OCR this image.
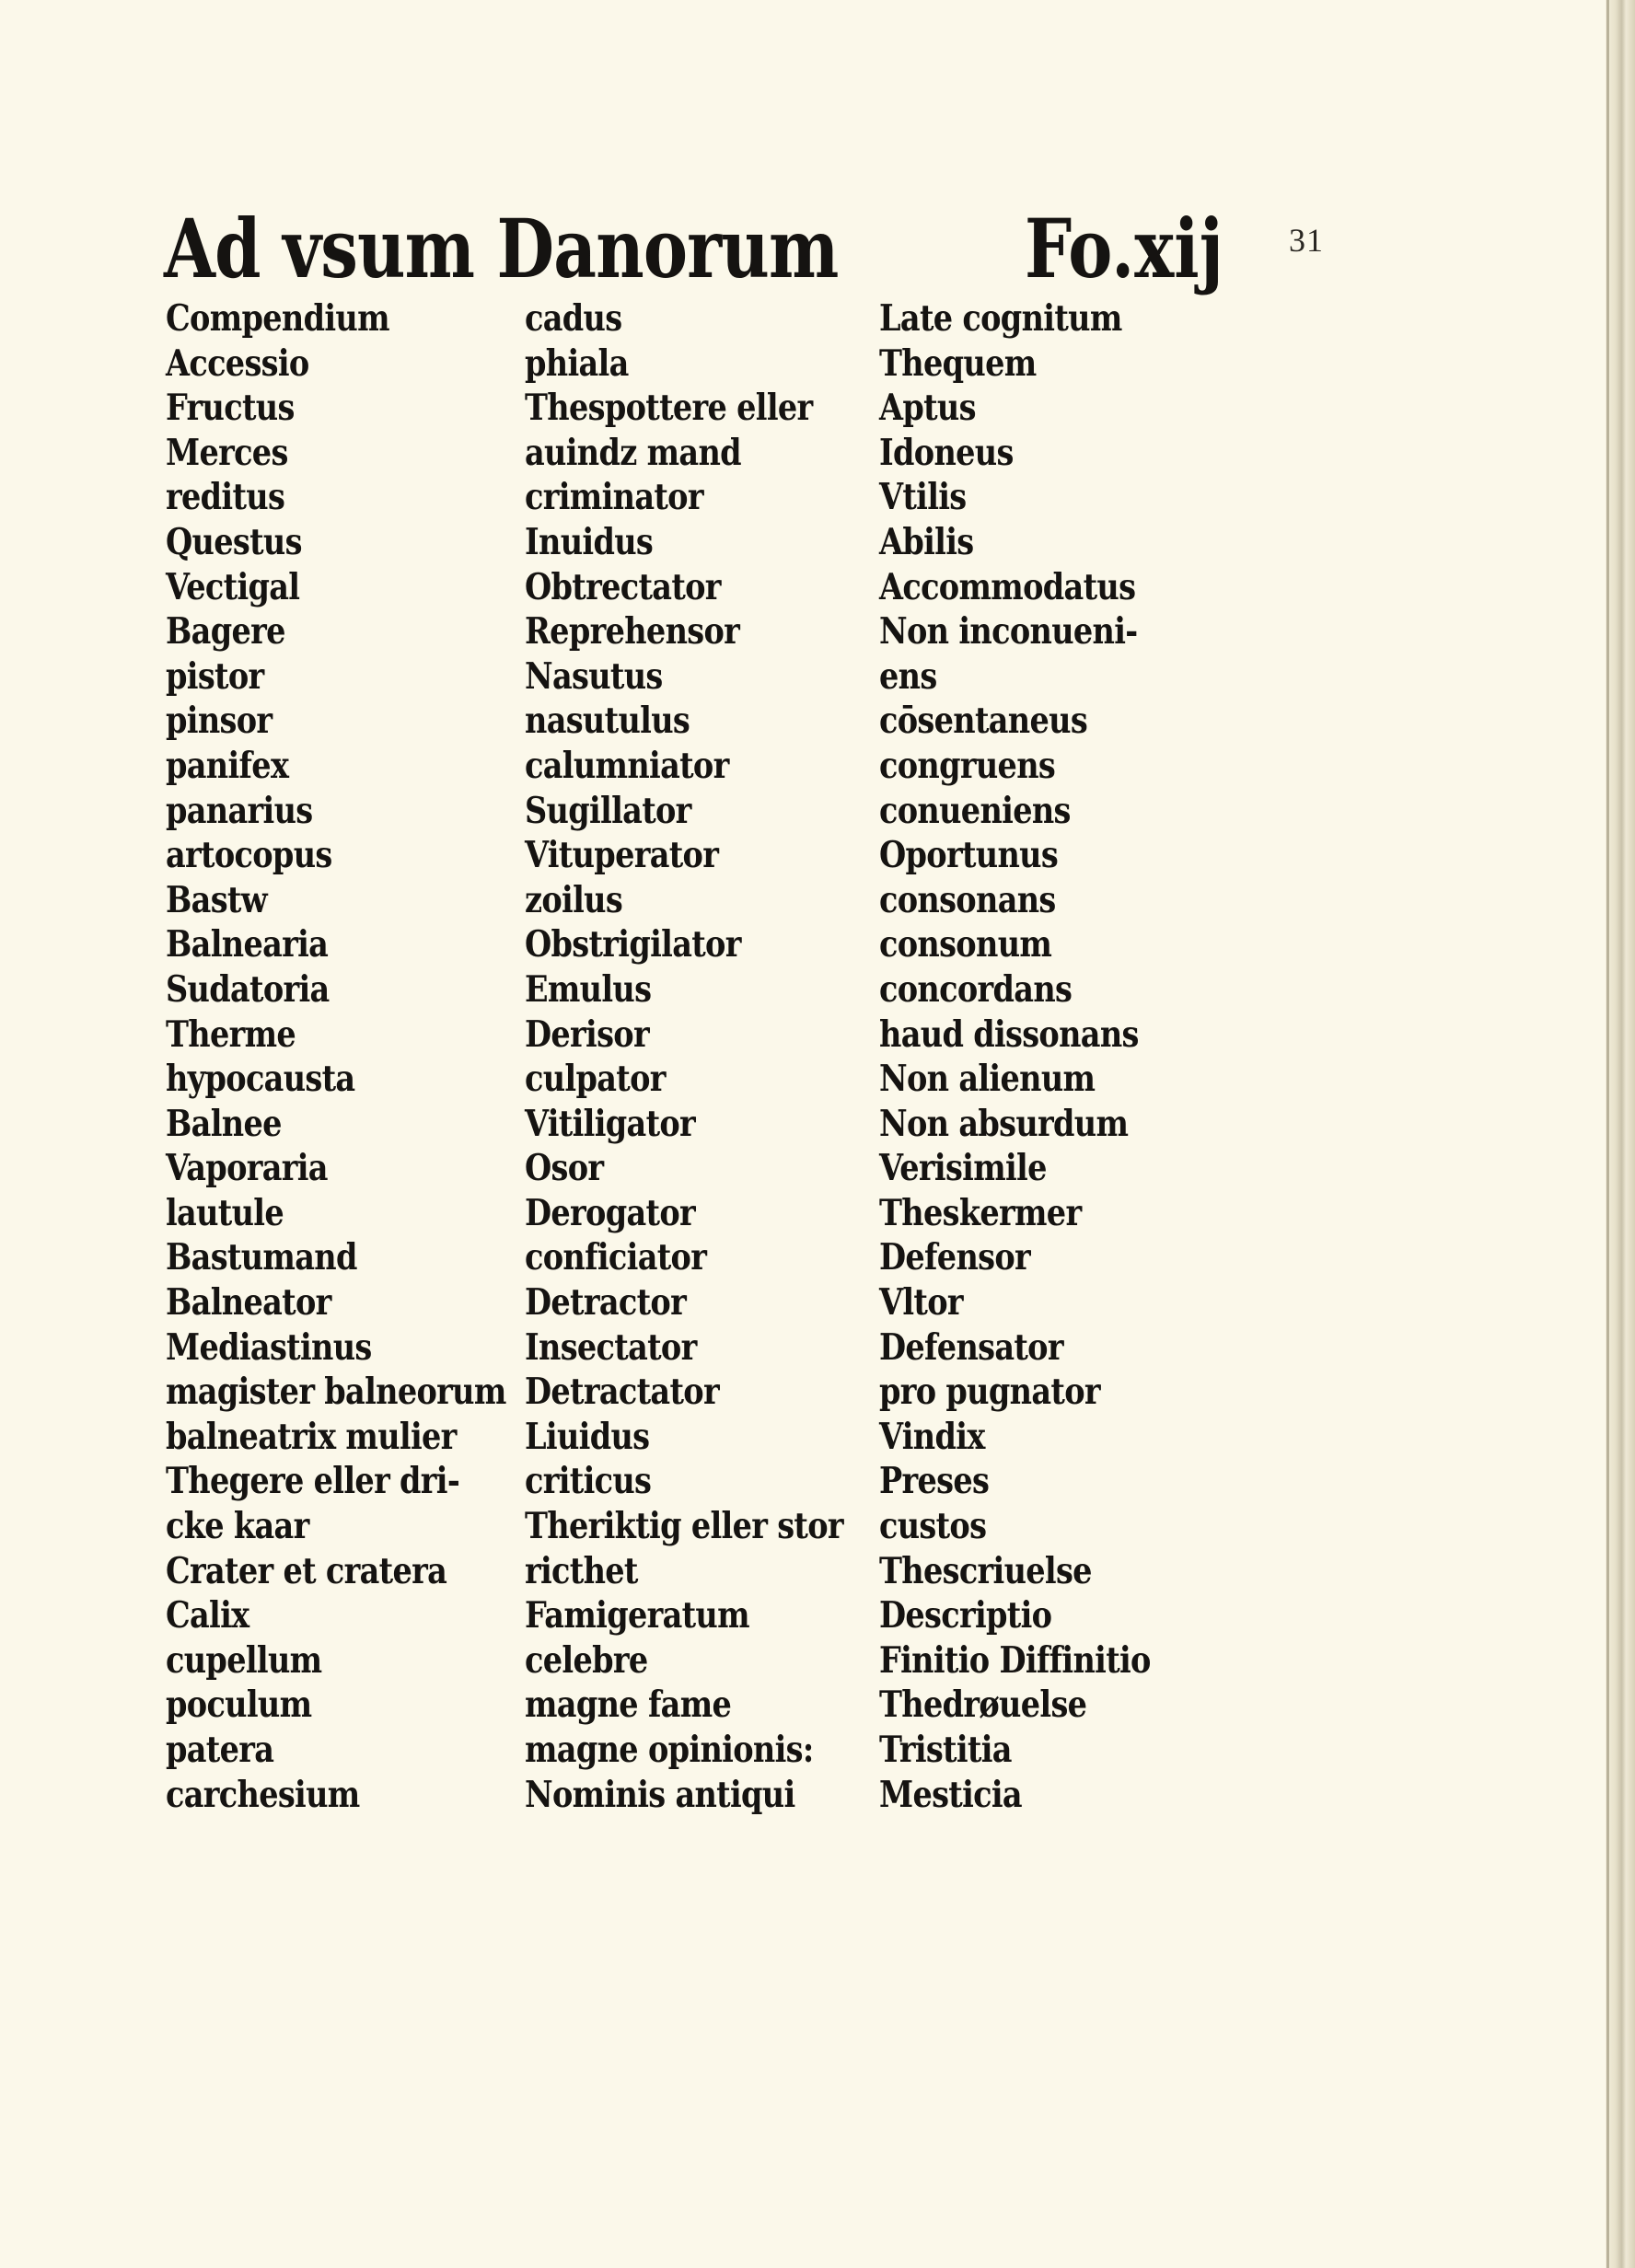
31
Ad vsum Danorum Fo.xij
Compendium
Accessio
Fructus
Merces
reditus
Questus
Vectigal
Bagere
pistor
pinsor
panifex
panarius
artocopus
Bastw
Balnearia
Sudatoria
Therme
hypocausta
Balnee
Vaporaria
lautule
Bastumand
Balneator
Mediastinus
magister balneorum
balneatrix mulier
Thegere eller dri-
cke kaar
Crater et cratera
Calix
cupellum
poculum
patera
carchesium
cadus
phiala
Thespottere eller
auindz mand
criminator
Inuidus
Obtrectator
Reprehensor
Nasutus
nasutulus
calumniator
Sugillator
Vituperator
zoilus
Obstrigilator
Emulus
Derisor
culpator
Vitiligator
Osor
Derogator
conficiator
Detractor
Insectator
Detractator
Liuidus
criticus
Theriktig eller stor
ricthet
Famigeratum
celebre
magne fame
magne opinionis:
Nominis antiqui
Late cognitum
Thequem
Aptus
Idoneus
Vtilis
Abilis
Accommodatus
Non inconueni-
ens
cōsentaneus
congruens
conueniens
Oportunus
consonans
consonum
concordans
haud dissonans
Non alienum
Non absurdum
Verisimile
Theskermer
Defensor
Vltor
Defensator
pro pugnator
Vindix
Preses
custos
Thescriuelse
Descriptio
Finitio Diffinitio
Thedrøuelse
Tristitia
Mesticia
